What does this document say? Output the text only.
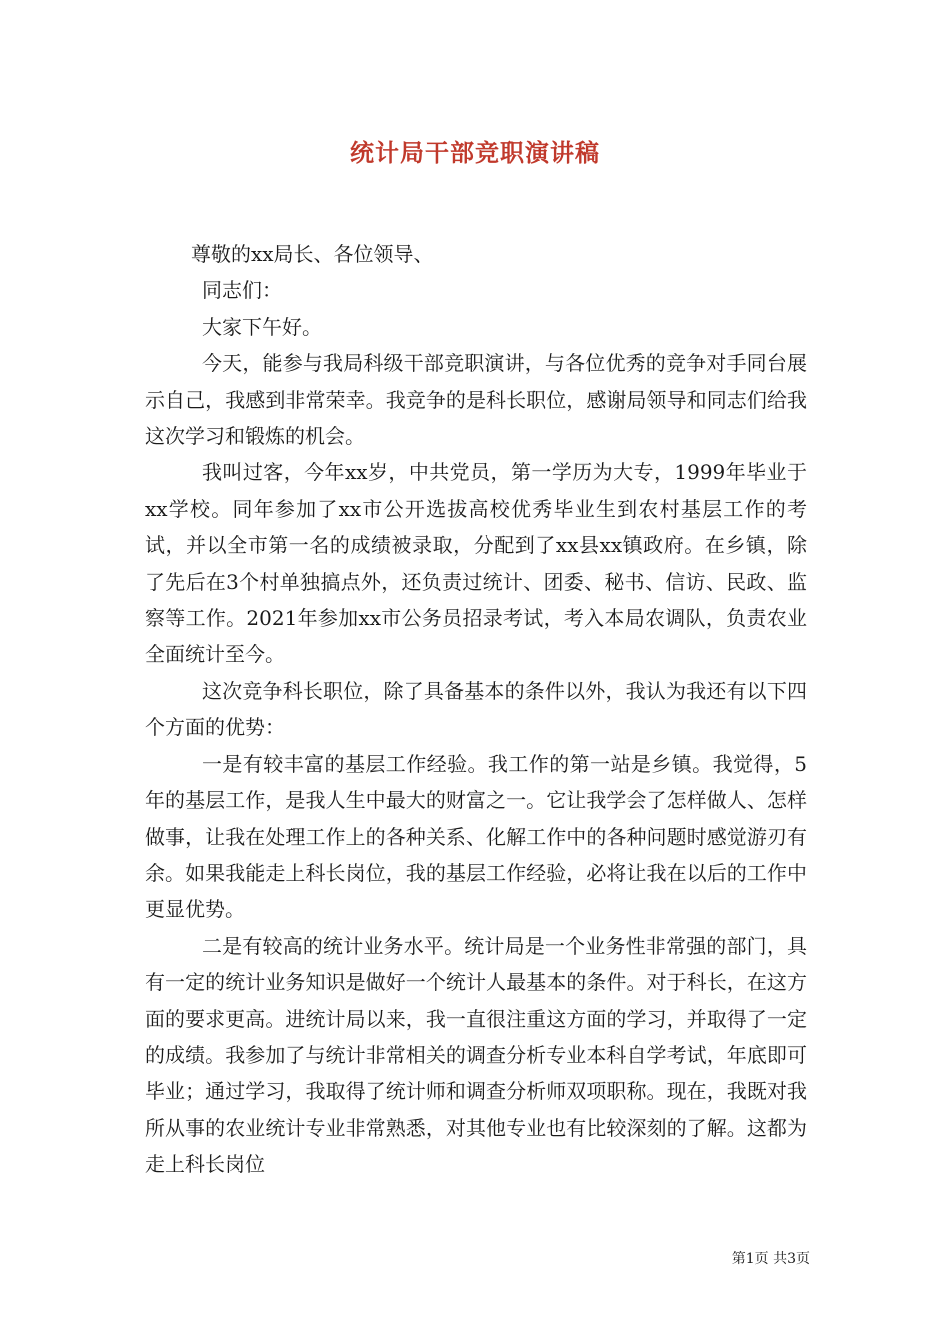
统计局干部竞职演讲稿

尊敬的xx局长、各位领导、

同志们：

大家下午好。

今天，能参与我局科级干部竞职演讲，与各位优秀的竞争对手同台展示自己，我感到非常荣幸。我竞争的是科长职位，感谢局领导和同志们给我这次学习和锻炼的机会。

我叫过客，今年xx岁，中共党员，第一学历为大专，1999年毕业于xx学校。同年参加了xx市公开选拔高校优秀毕业生到农村基层工作的考试，并以全市第一名的成绩被录取，分配到了xx县xx镇政府。在乡镇，除了先后在3个村单独搞点外，还负责过统计、团委、秘书、信访、民政、监察等工作。2021年参加xx市公务员招录考试，考入本局农调队，负责农业全面统计至今。

这次竞争科长职位，除了具备基本的条件以外，我认为我还有以下四个方面的优势：

一是有较丰富的基层工作经验。我工作的第一站是乡镇。我觉得，5年的基层工作，是我人生中最大的财富之一。它让我学会了怎样做人、怎样做事，让我在处理工作上的各种关系、化解工作中的各种问题时感觉游刃有余。如果我能走上科长岗位，我的基层工作经验，必将让我在以后的工作中更显优势。

二是有较高的统计业务水平。统计局是一个业务性非常强的部门，具有一定的统计业务知识是做好一个统计人最基本的条件。对于科长，在这方面的要求更高。进统计局以来，我一直很注重这方面的学习，并取得了一定的成绩。我参加了与统计非常相关的调查分析专业本科自学考试，年底即可毕业；通过学习，我取得了统计师和调查分析师双项职称。现在，我既对我所从事的农业统计专业非常熟悉，对其他专业也有比较深刻的了解。这都为走上科长岗位

第1页 共3页
